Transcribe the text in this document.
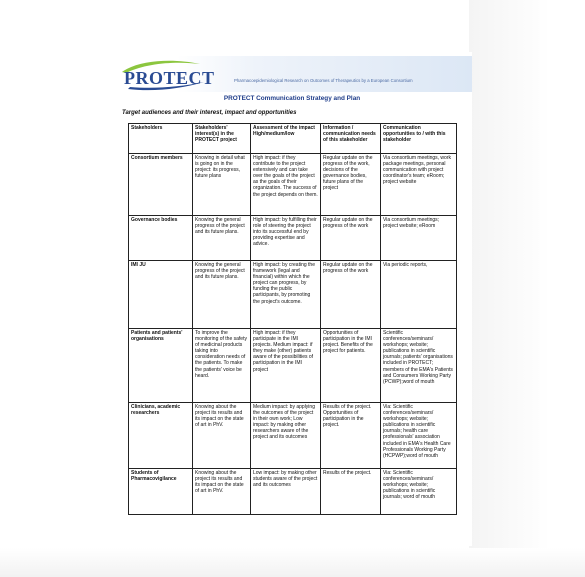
PROTECT	Pharmacoepidemiological Research on Outcomes of Therapeutics by a European Consortium
PROTECT Communication Strategy and Plan
Target audiences and their interest, impact and opportunities
Stakeholders	Stakeholders' interest(s) in the PROTECT project	Assessment of the impact High/medium/low	Information / communication needs of this stakeholder	Communication opportunities to / with this stakeholder
Consortium members	Knowing in detail what is going on in the project: its progress, future plans	High impact: if they contribute to the project extensively and can take over the goals of the project as the goals of their organization. The success of the project depends on them.	Regular update on the progress of the work, decisions of the governance bodies, future plans of the project	Via consortium meetings, work package meetings, personal communication with project coordinator's team; eRoom; project website
Governance bodies	Knowing the general progress of the project and its future plans.	High impact: by fulfilling their role of steering the project into its successful end by providing expertise and advice.	Regular update on the progress of the work	Via consortium meetings; project website; eRoom
IMI JU	Knowing the general progress of the project and its future plans.	High impact: by creating the framework (legal and financial) within which the project can progress, by funding the public participants, by promoting the project's outcome.	Regular update on the progress of the work	Via periodic reports,
Patients and patients' organisations	To improve the monitoring of the safety of medicinal products taking into consideration needs of the patients. To make the patients' voice be heard.	High impact: if they participate in the IMI projects. Medium impact: if they make (other) patients aware of the possibilities of participation in the IMI project	Opportunities of participation in the IMI project. Benefits of the project for patients.	Scientific conferences/seminars/ workshops; website; publications in scientific journals; patients' organisations included in PROTECT; members of the EMA's Patients and Consumers Working Party (PCWP);word of mouth
Clinicians, academic researchers	Knowing about the project its results and its impact on the state of art in PhV.	Medium impact: by applying the outcomes of the project in their own work; Low impact: by making other researchers aware of the project and its outcomes	Results of the project. Opportunities of participation in the project.	Via: Scientific conferences/seminars/ workshops; website; publications in scientific journals; health care professionals' association included in EMA's Health Care Professionals Working Party (HCPWP);word of mouth
Students of Pharmacovigilance	Knowing about the project its results and its impact on the state of art in PhV.	Low impact: by making other students aware of the project and its outcomes	Results of the project.	Via: Scientific conferences/seminars/ workshops; website; publications in scientific journals; word of mouth
